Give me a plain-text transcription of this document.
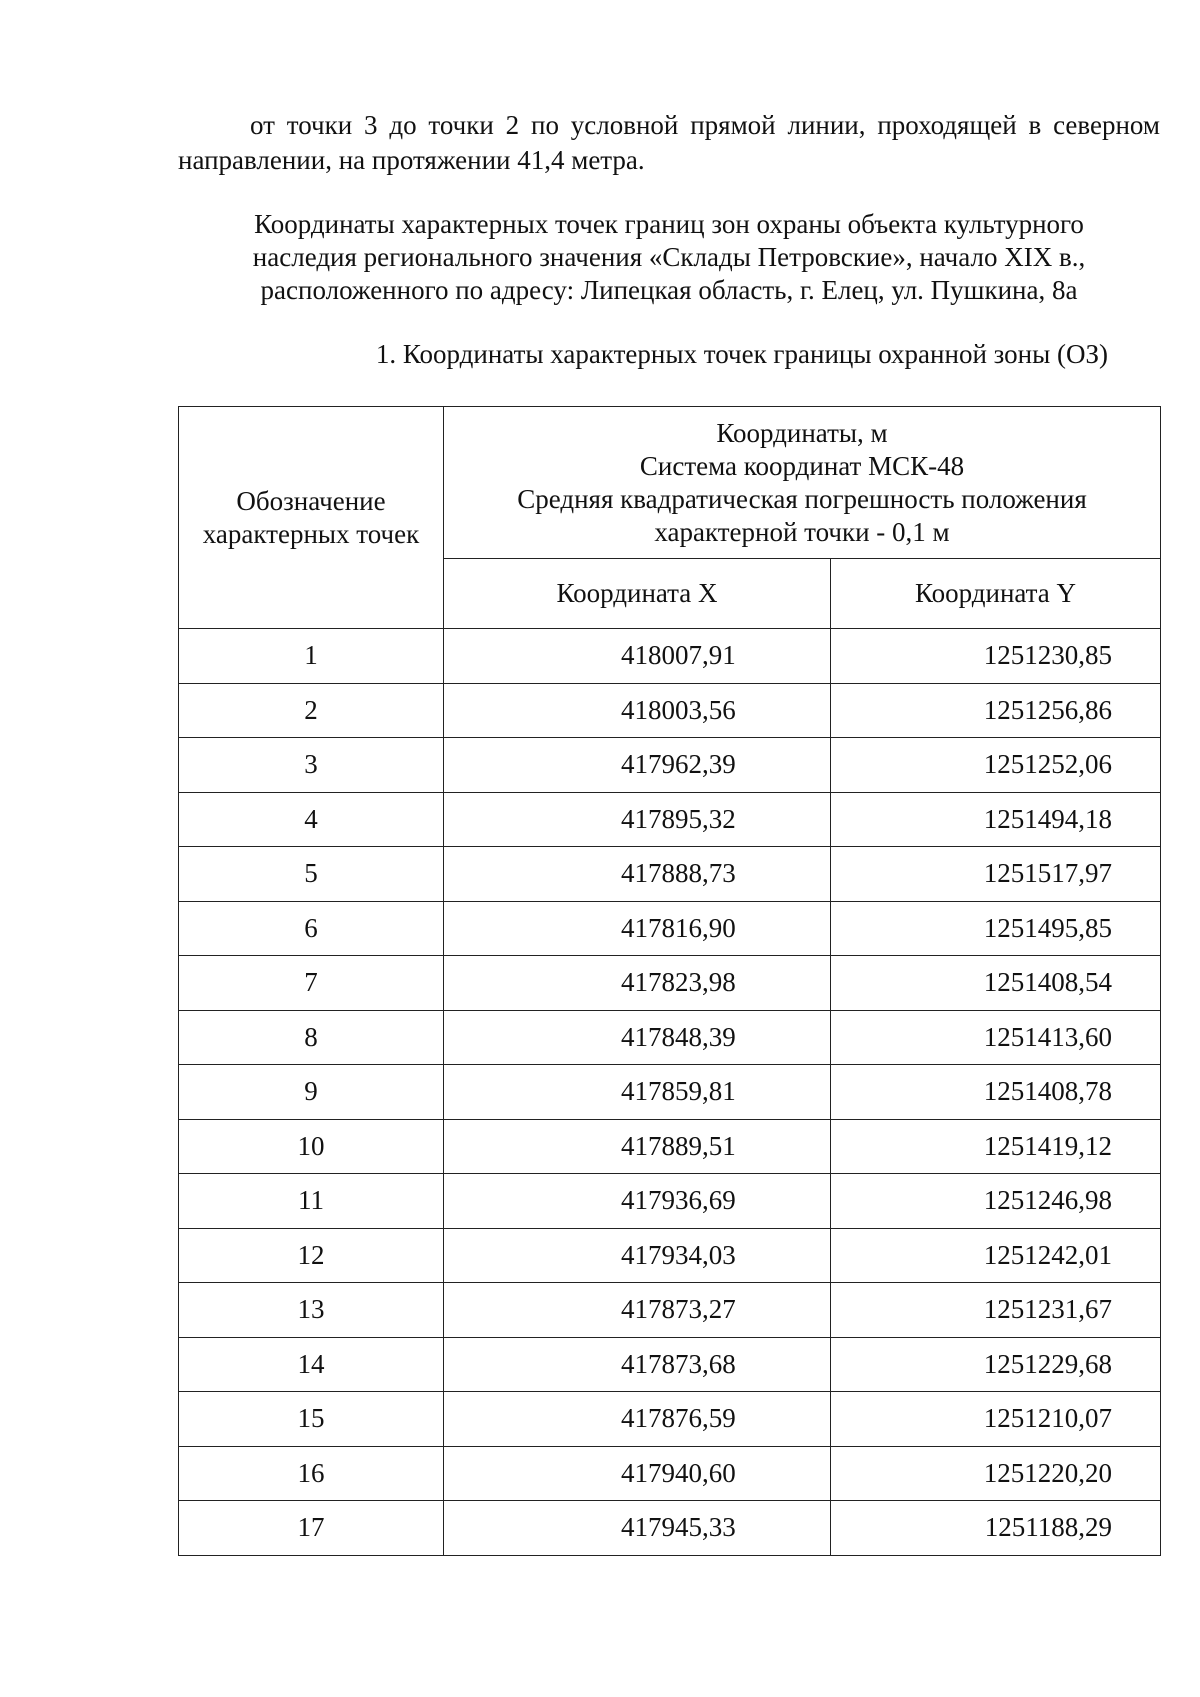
от точки 3 до точки 2 по условной прямой линии, проходящей в северном
направлении, на протяжении 41,4 метра.

Координаты характерных точек границ зон охраны объекта культурного
наследия регионального значения «Склады Петровские», начало XIX в.,
расположенного по адресу: Липецкая область, г. Елец, ул. Пушкина, 8а

1. Координаты характерных точек границы охранной зоны (ОЗ)

Обозначение
характерных точек	Координаты, м
Система координат МСК-48
Средняя квадратическая погрешность положения
характерной точки - 0,1 м	

	Координата X	Координата Y
1	418007,91	1251230,85
2	418003,56	1251256,86
3	417962,39	1251252,06
4	417895,32	1251494,18
5	417888,73	1251517,97
6	417816,90	1251495,85
7	417823,98	1251408,54
8	417848,39	1251413,60
9	417859,81	1251408,78
10	417889,51	1251419,12
11	417936,69	1251246,98
12	417934,03	1251242,01
13	417873,27	1251231,67
14	417873,68	1251229,68
15	417876,59	1251210,07
16	417940,60	1251220,20
17	417945,33	1251188,29
